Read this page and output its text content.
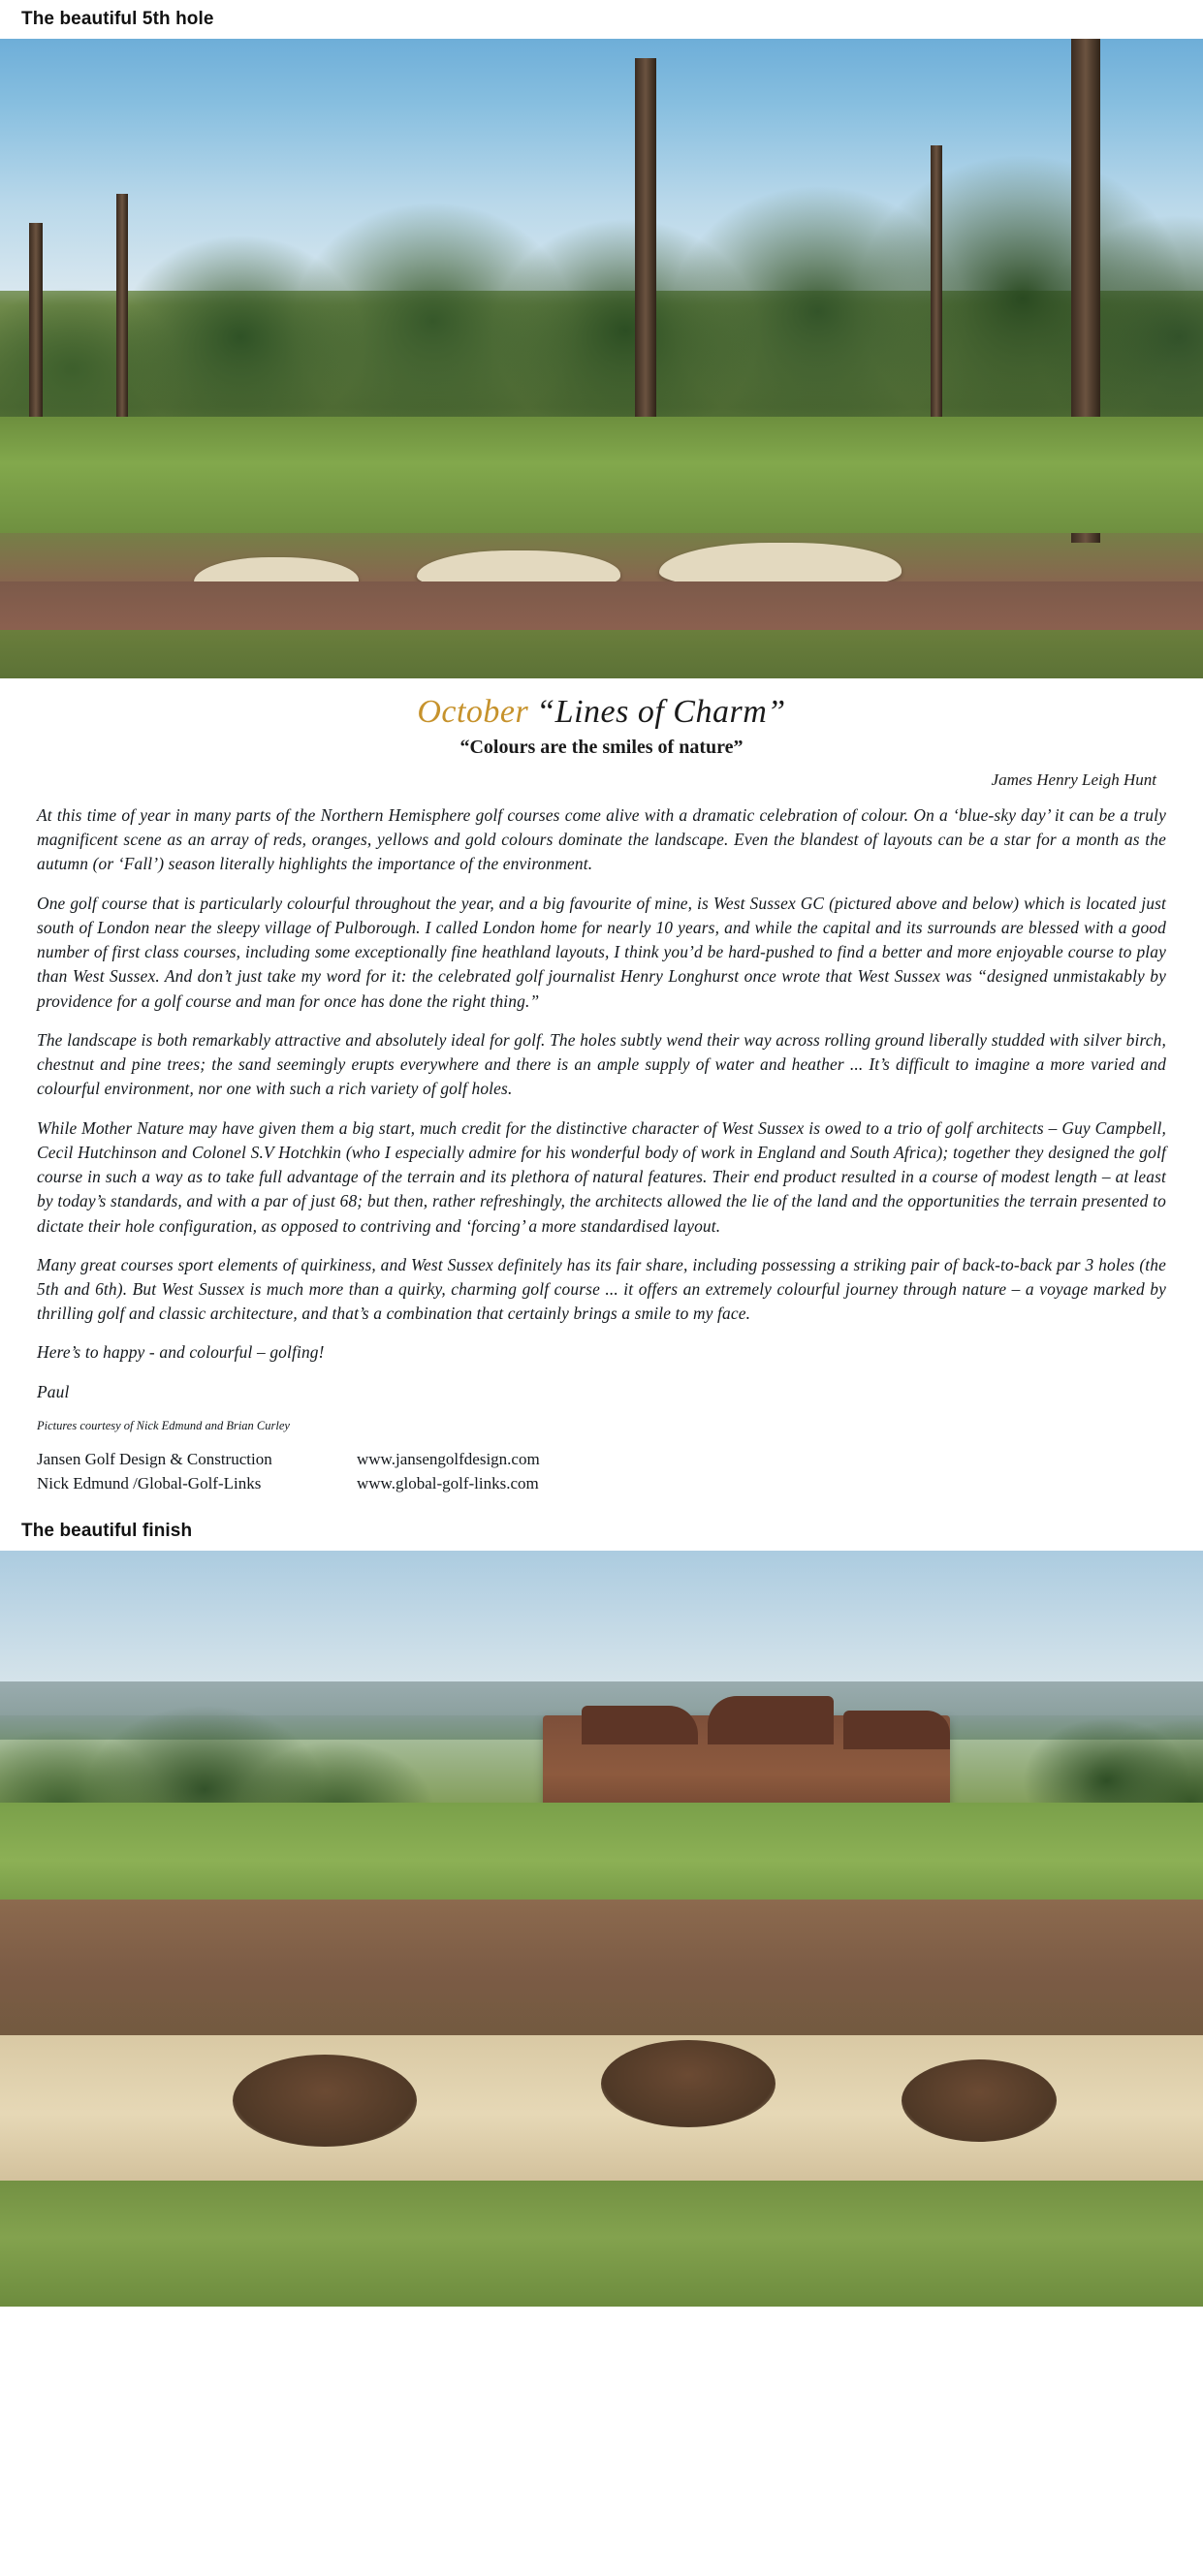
The beautiful 5th hole
October “Lines of Charm”
“Colours are the smiles of nature”
James Henry Leigh Hunt

At this time of year in many parts of the Northern Hemisphere golf courses come alive with a dramatic celebration of colour. On a ‘blue-sky day’ it can be a truly magnificent scene as an array of reds, oranges, yellows and gold colours dominate the landscape. Even the blandest of layouts can be a star for a month as the autumn (or ‘Fall’) season literally highlights the importance of the environment.

One golf course that is particularly colourful throughout the year, and a big favourite of mine, is West Sussex GC (pictured above and below) which is located just south of London near the sleepy village of Pulborough. I called London home for nearly 10 years, and while the capital and its surrounds are blessed with a good number of first class courses, including some exceptionally fine heathland layouts, I think you’d be hard-pushed to find a better and more enjoyable course to play than West Sussex. And don’t just take my word for it: the celebrated golf journalist Henry Longhurst once wrote that West Sussex was “designed unmistakably by providence for a golf course and man for once has done the right thing.”

The landscape is both remarkably attractive and absolutely ideal for golf. The holes subtly wend their way across rolling ground liberally studded with silver birch, chestnut and pine trees; the sand seemingly erupts everywhere and there is an ample supply of water and heather ... It’s difficult to imagine a more varied and colourful environment, nor one with such a rich variety of golf holes.

While Mother Nature may have given them a big start, much credit for the distinctive character of West Sussex is owed to a trio of golf architects – Guy Campbell, Cecil Hutchinson and Colonel S.V Hotchkin (who I especially admire for his wonderful body of work in England and South Africa); together they designed the golf course in such a way as to take full advantage of the terrain and its plethora of natural features. Their end product resulted in a course of modest length – at least by today’s standards, and with a par of just 68; but then, rather refreshingly, the architects allowed the lie of the land and the opportunities the terrain presented to dictate their hole configuration, as opposed to contriving and ‘forcing’ a more standardised layout.

Many great courses sport elements of quirkiness, and West Sussex definitely has its fair share, including possessing a striking pair of back-to-back par 3 holes (the 5th and 6th). But West Sussex is much more than a quirky, charming golf course ... it offers an extremely colourful journey through nature – a voyage marked by thrilling golf and classic architecture, and that’s a combination that certainly brings a smile to my face.

Here’s to happy - and colourful – golfing!

Paul

Pictures courtesy of Nick Edmund and Brian Curley
Jansen Golf Design & Construction	www.jansengolfdesign.com
Nick Edmund /Global-Golf-Links	www.global-golf-links.com
The beautiful finish
